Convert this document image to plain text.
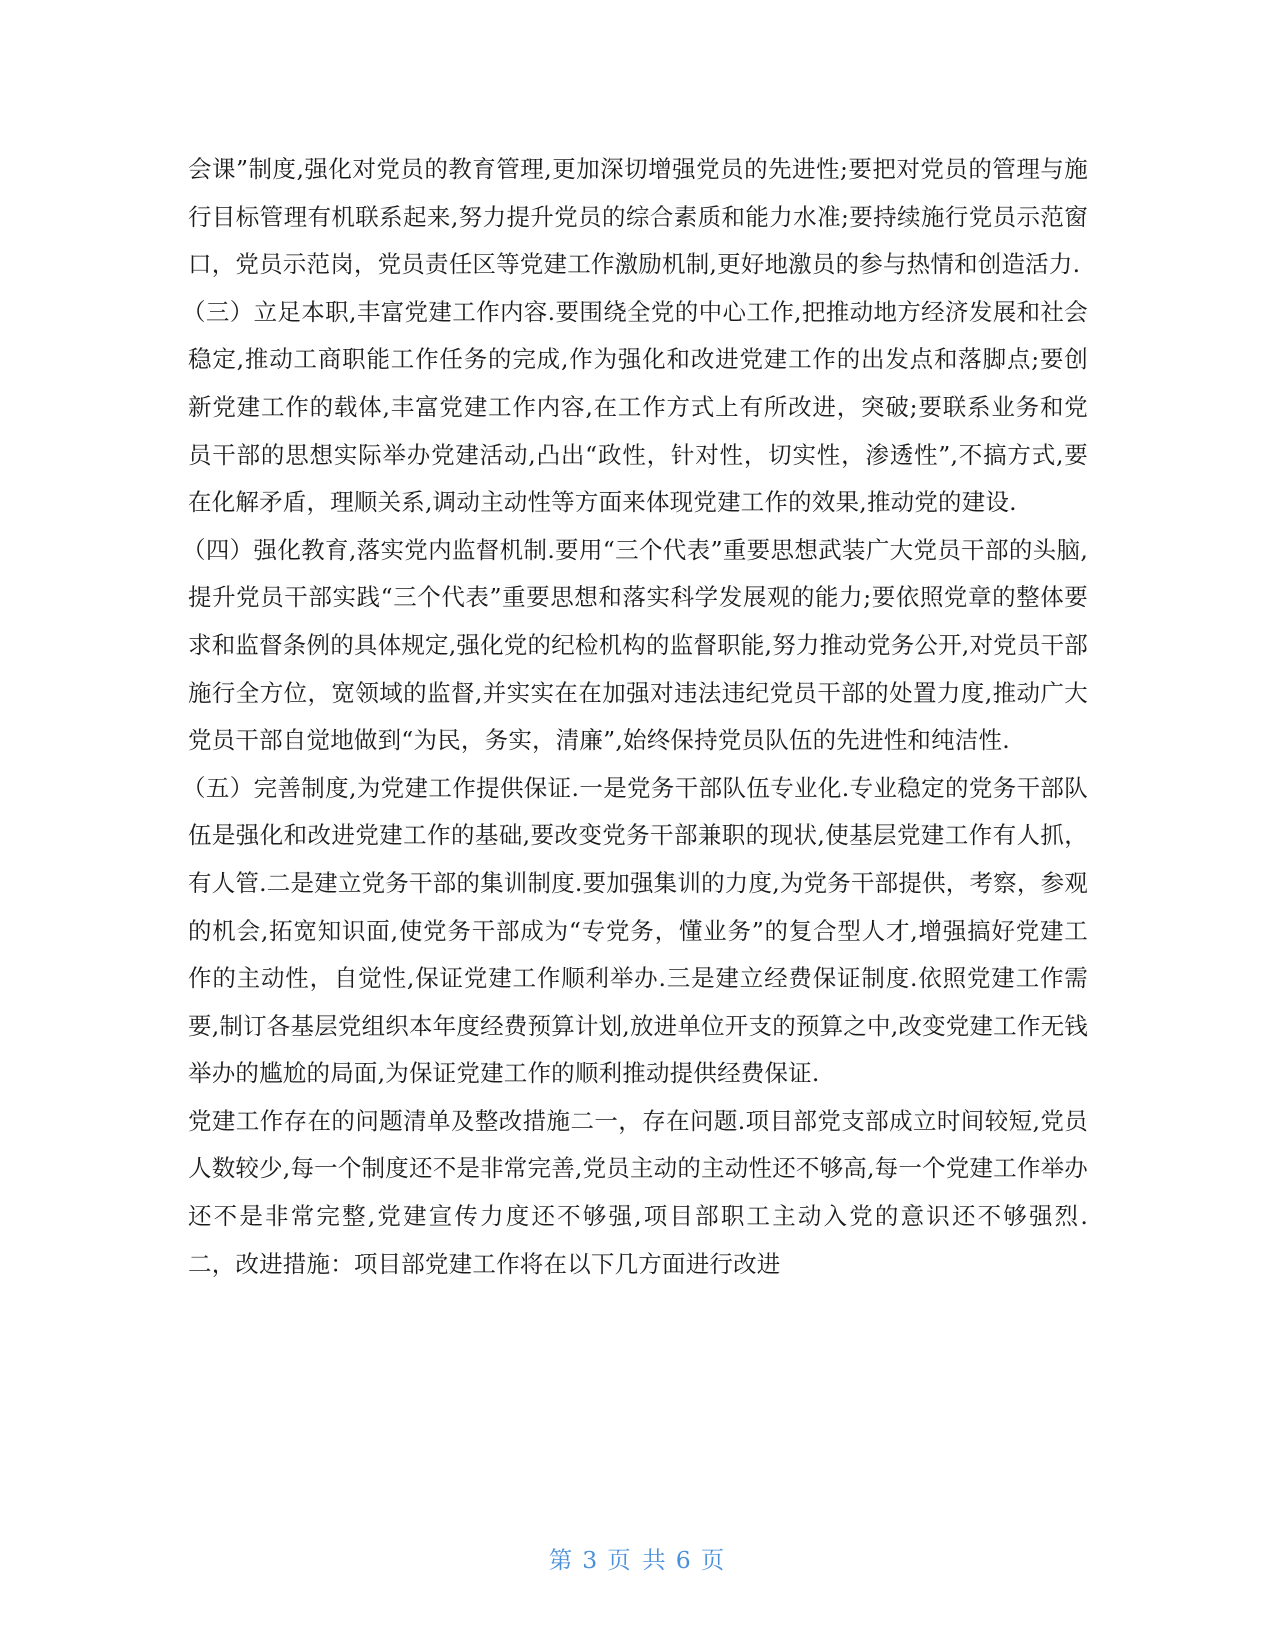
会课”制度,强化对党员的教育管理,更加深切增强党员的先进性;要把对党员的管理与施行目标管理有机联系起来,努力提升党员的综合素质和能力水准;要持续施行党员示范窗口，党员示范岗，党员责任区等党建工作激励机制,更好地激员的参与热情和创造活力.

（三）立足本职,丰富党建工作内容.要围绕全党的中心工作,把推动地方经济发展和社会稳定,推动工商职能工作任务的完成,作为强化和改进党建工作的出发点和落脚点;要创新党建工作的载体,丰富党建工作内容,在工作方式上有所改进，突破;要联系业务和党员干部的思想实际举办党建活动,凸出“政性，针对性，切实性，渗透性”,不搞方式,要在化解矛盾，理顺关系,调动主动性等方面来体现党建工作的效果,推动党的建设.

（四）强化教育,落实党内监督机制.要用“三个代表”重要思想武装广大党员干部的头脑,提升党员干部实践“三个代表”重要思想和落实科学发展观的能力;要依照党章的整体要求和监督条例的具体规定,强化党的纪检机构的监督职能,努力推动党务公开,对党员干部施行全方位，宽领域的监督,并实实在在加强对违法违纪党员干部的处置力度,推动广大党员干部自觉地做到“为民，务实，清廉”,始终保持党员队伍的先进性和纯洁性.

（五）完善制度,为党建工作提供保证.一是党务干部队伍专业化.专业稳定的党务干部队伍是强化和改进党建工作的基础,要改变党务干部兼职的现状,使基层党建工作有人抓，有人管.二是建立党务干部的集训制度.要加强集训的力度,为党务干部提供，考察，参观的机会,拓宽知识面,使党务干部成为“专党务，懂业务”的复合型人才,增强搞好党建工作的主动性，自觉性,保证党建工作顺利举办.三是建立经费保证制度.依照党建工作需要,制订各基层党组织本年度经费预算计划,放进单位开支的预算之中,改变党建工作无钱举办的尴尬的局面,为保证党建工作的顺利推动提供经费保证.

党建工作存在的问题清单及整改措施二一，存在问题.项目部党支部成立时间较短,党员人数较少,每一个制度还不是非常完善,党员主动的主动性还不够高,每一个党建工作举办还不是非常完整,党建宣传力度还不够强,项目部职工主动入党的意识还不够强烈.　　　二，改进措施：项目部党建工作将在以下几方面进行改进

第 3 页 共 6 页
